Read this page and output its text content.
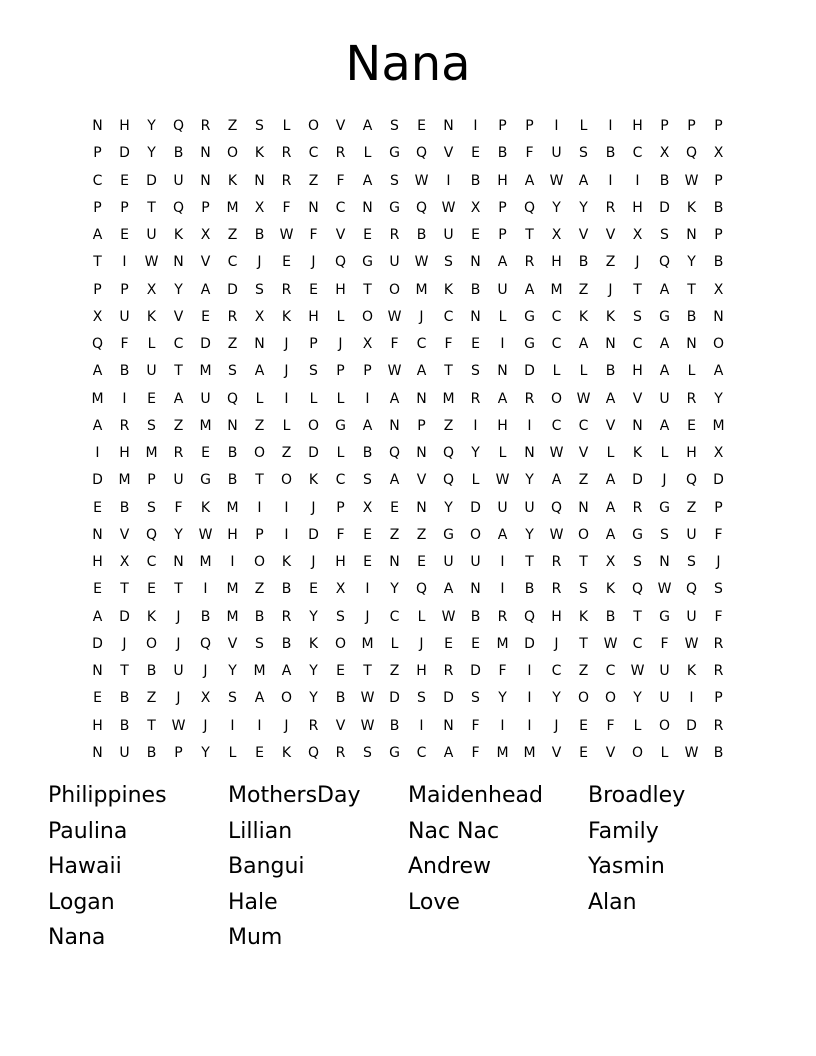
Nana
N	H	Y	Q	R	Z	S	L	O	V	A	S	E	N	I	P	P	I	L	I	H	P	P	P
P	D	Y	B	N	O	K	R	C	R	L	G	Q	V	E	B	F	U	S	B	C	X	Q	X
C	E	D	U	N	K	N	R	Z	F	A	S	W	I	B	H	A	W	A	I	I	B	W	P
P	P	T	Q	P	M	X	F	N	C	N	G	Q	W	X	P	Q	Y	Y	R	H	D	K	B
A	E	U	K	X	Z	B	W	F	V	E	R	B	U	E	P	T	X	V	V	X	S	N	P
T	I	W	N	V	C	J	E	J	Q	G	U	W	S	N	A	R	H	B	Z	J	Q	Y	B
P	P	X	Y	A	D	S	R	E	H	T	O	M	K	B	U	A	M	Z	J	T	A	T	X
X	U	K	V	E	R	X	K	H	L	O	W	J	C	N	L	G	C	K	K	S	G	B	N
Q	F	L	C	D	Z	N	J	P	J	X	F	C	F	E	I	G	C	A	N	C	A	N	O
A	B	U	T	M	S	A	J	S	P	P	W	A	T	S	N	D	L	L	B	H	A	L	A
M	I	E	A	U	Q	L	I	L	L	I	A	N	M	R	A	R	O	W	A	V	U	R	Y
A	R	S	Z	M	N	Z	L	O	G	A	N	P	Z	I	H	I	C	C	V	N	A	E	M
I	H	M	R	E	B	O	Z	D	L	B	Q	N	Q	Y	L	N	W	V	L	K	L	H	X
D	M	P	U	G	B	T	O	K	C	S	A	V	Q	L	W	Y	A	Z	A	D	J	Q	D
E	B	S	F	K	M	I	I	J	P	X	E	N	Y	D	U	U	Q	N	A	R	G	Z	P
N	V	Q	Y	W	H	P	I	D	F	E	Z	Z	G	O	A	Y	W	O	A	G	S	U	F
H	X	C	N	M	I	O	K	J	H	E	N	E	U	U	I	T	R	T	X	S	N	S	J
E	T	E	T	I	M	Z	B	E	X	I	Y	Q	A	N	I	B	R	S	K	Q	W	Q	S
A	D	K	J	B	M	B	R	Y	S	J	C	L	W	B	R	Q	H	K	B	T	G	U	F
D	J	O	J	Q	V	S	B	K	O	M	L	J	E	E	M	D	J	T	W	C	F	W	R
N	T	B	U	J	Y	M	A	Y	E	T	Z	H	R	D	F	I	C	Z	C	W	U	K	R
E	B	Z	J	X	S	A	O	Y	B	W	D	S	D	S	Y	I	Y	O	O	Y	U	I	P
H	B	T	W	J	I	I	J	R	V	W	B	I	N	F	I	I	J	E	F	L	O	D	R
N	U	B	P	Y	L	E	K	Q	R	S	G	C	A	F	M	M	V	E	V	O	L	W	B
Philippines	MothersDay	Maidenhead	Broadley
Paulina	Lillian	Nac Nac	Family
Hawaii	Bangui	Andrew	Yasmin
Logan	Hale	Love	Alan
Nana	Mum
